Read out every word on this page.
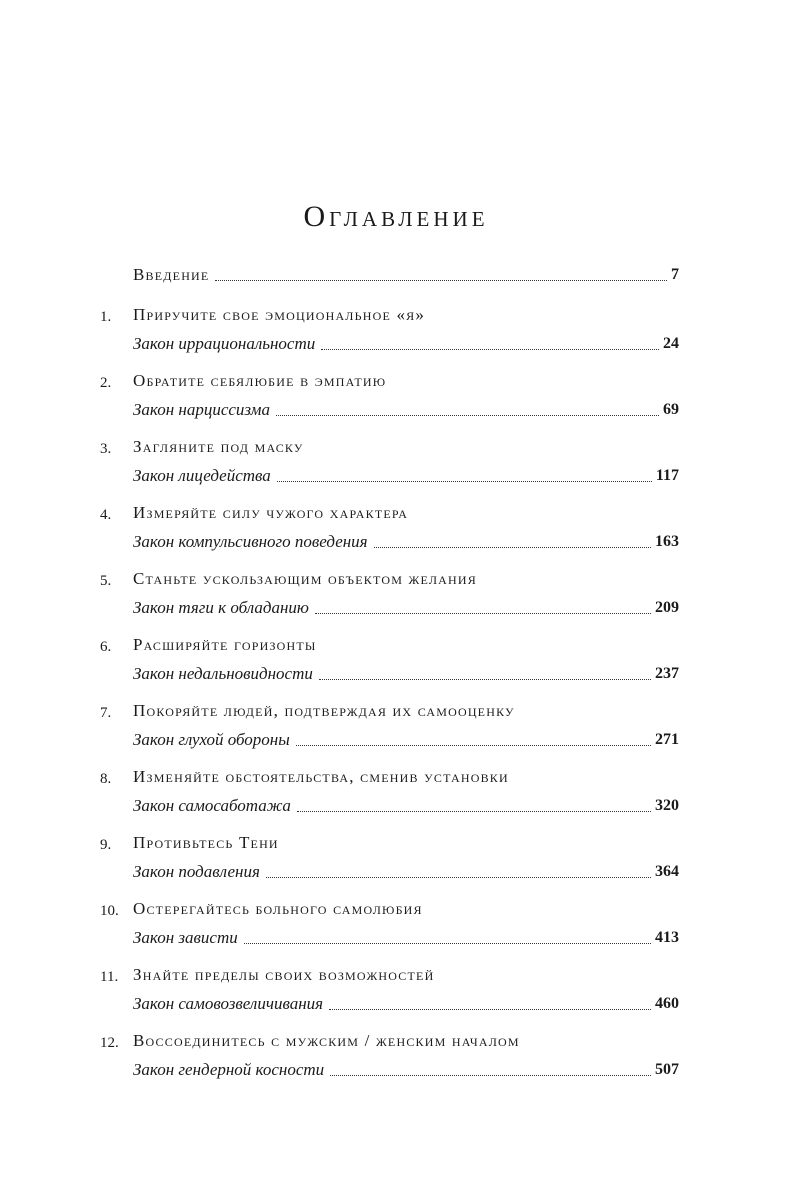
Оглавление
Введение	7
1.	Приручите свое эмоциональное «я»
Закон иррациональности	24
2.	Обратите себялюбие в эмпатию
Закон нарциссизма	69
3.	Загляните под маску
Закон лицедейства	117
4.	Измеряйте силу чужого характера
Закон компульсивного поведения	163
5.	Станьте ускользающим объектом желания
Закон тяги к обладанию	209
6.	Расширяйте горизонты
Закон недальновидности	237
7.	Покоряйте людей, подтверждая их самооценку
Закон глухой обороны	271
8.	Изменяйте обстоятельства, сменив установки
Закон самосаботажа	320
9.	Противьтесь Тени
Закон подавления	364
10. Остерегайтесь больного самолюбия
Закон зависти	413
11. Знайте пределы своих возможностей
Закон самовозвеличивания	460
12. Воссоединитесь с мужским / женским началом
Закон гендерной косности	507
